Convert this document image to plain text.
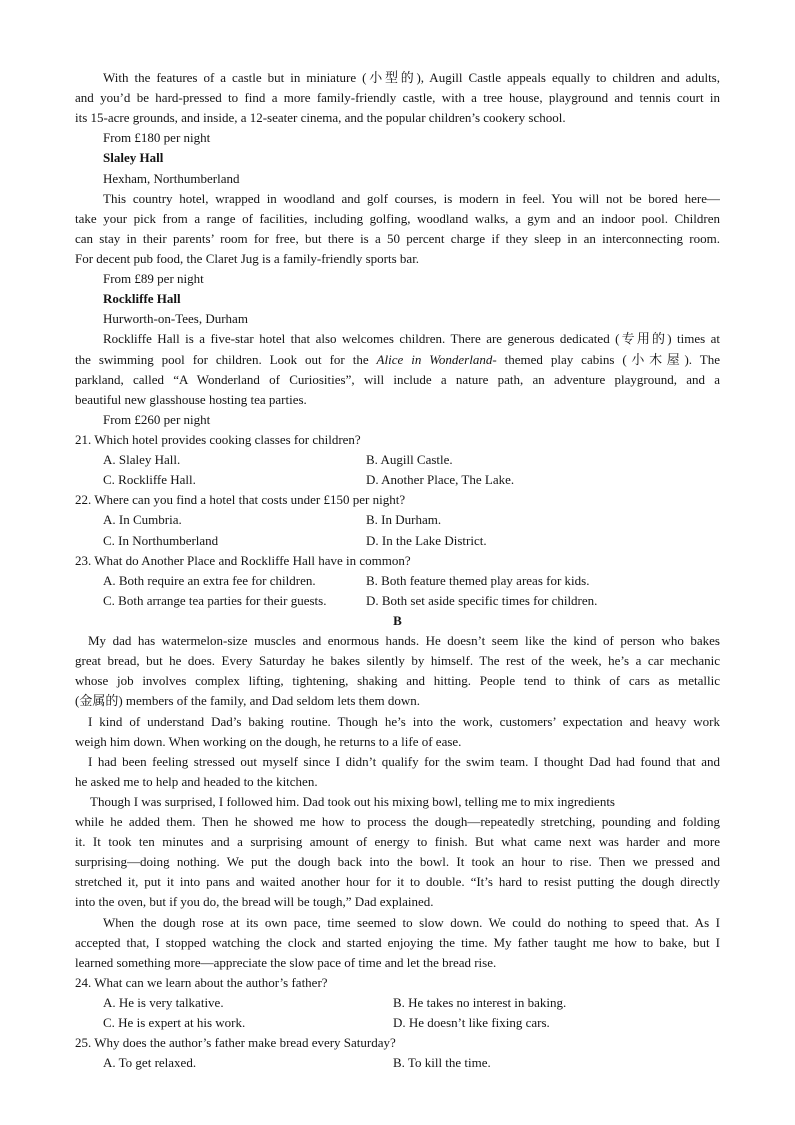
With the features of a castle but in miniature (小型的), Augill Castle appeals equally to children and adults,
and you’d be hard-pressed to find a more family-friendly castle, with a tree house, playground and tennis court in
its 15-acre grounds, and inside, a 12-seater cinema, and the popular children’s cookery school.
From £180 per night
Slaley Hall
Hexham, Northumberland
This country hotel, wrapped in woodland and golf courses, is modern in feel. You will not be bored here—
take your pick from a range of facilities, including golfing, woodland walks, a gym and an indoor pool. Children
can stay in their parents’ room for free, but there is a 50 percent charge if they sleep in an interconnecting room.
For decent pub food, the Claret Jug is a family-friendly sports bar.
From £89 per night
Rockliffe Hall
Hurworth-on-Tees, Durham
Rockliffe Hall is a five-star hotel that also welcomes children. There are generous dedicated (专用的) times at
the swimming pool for children. Look out for the Alice in Wonderland- themed play cabins (小木屋). The
parkland, called “A Wonderland of Curiosities”, will include a nature path, an adventure playground, and a
beautiful new glasshouse hosting tea parties.
From £260 per night
21. Which hotel provides cooking classes for children?
A. Slaley Hall.	B. Augill Castle.
C. Rockliffe Hall.	D. Another Place, The Lake.
22. Where can you find a hotel that costs under £150 per night?
A. In Cumbria.	B. In Durham.
C. In Northumberland	D. In the Lake District.
23. What do Another Place and Rockliffe Hall have in common?
A. Both require an extra fee for children.	B. Both feature themed play areas for kids.
C. Both arrange tea parties for their guests.	D. Both set aside specific times for children.
B
My dad has watermelon-size muscles and enormous hands. He doesn’t seem like the kind of person who bakes
great bread, but he does. Every Saturday he bakes silently by himself. The rest of the week, he’s a car mechanic
whose job involves complex lifting, tightening, shaking and hitting. People tend to think of cars as metallic
(金属的) members of the family, and Dad seldom lets them down.
I kind of understand Dad’s baking routine. Though he’s into the work, customers’ expectation and heavy work
weigh him down. When working on the dough, he returns to a life of ease.
I had been feeling stressed out myself since I didn’t qualify for the swim team. I thought Dad had found that and
he asked me to help and headed to the kitchen.
Though I was surprised, I followed him. Dad took out his mixing bowl, telling me to mix ingredients
while he added them. Then he showed me how to process the dough—repeatedly stretching, pounding and folding
it. It took ten minutes and a surprising amount of energy to finish. But what came next was harder and more
surprising—doing nothing. We put the dough back into the bowl. It took an hour to rise. Then we pressed and
stretched it, put it into pans and waited another hour for it to double. “It’s hard to resist putting the dough directly
into the oven, but if you do, the bread will be tough,” Dad explained.
When the dough rose at its own pace, time seemed to slow down. We could do nothing to speed that. As I
accepted that, I stopped watching the clock and started enjoying the time. My father taught me how to bake, but I
learned something more—appreciate the slow pace of time and let the bread rise.
24. What can we learn about the author’s father?
A. He is very talkative.	B. He takes no interest in baking.
C. He is expert at his work.	D. He doesn’t like fixing cars.
25. Why does the author’s father make bread every Saturday?
A. To get relaxed.	B. To kill the time.
